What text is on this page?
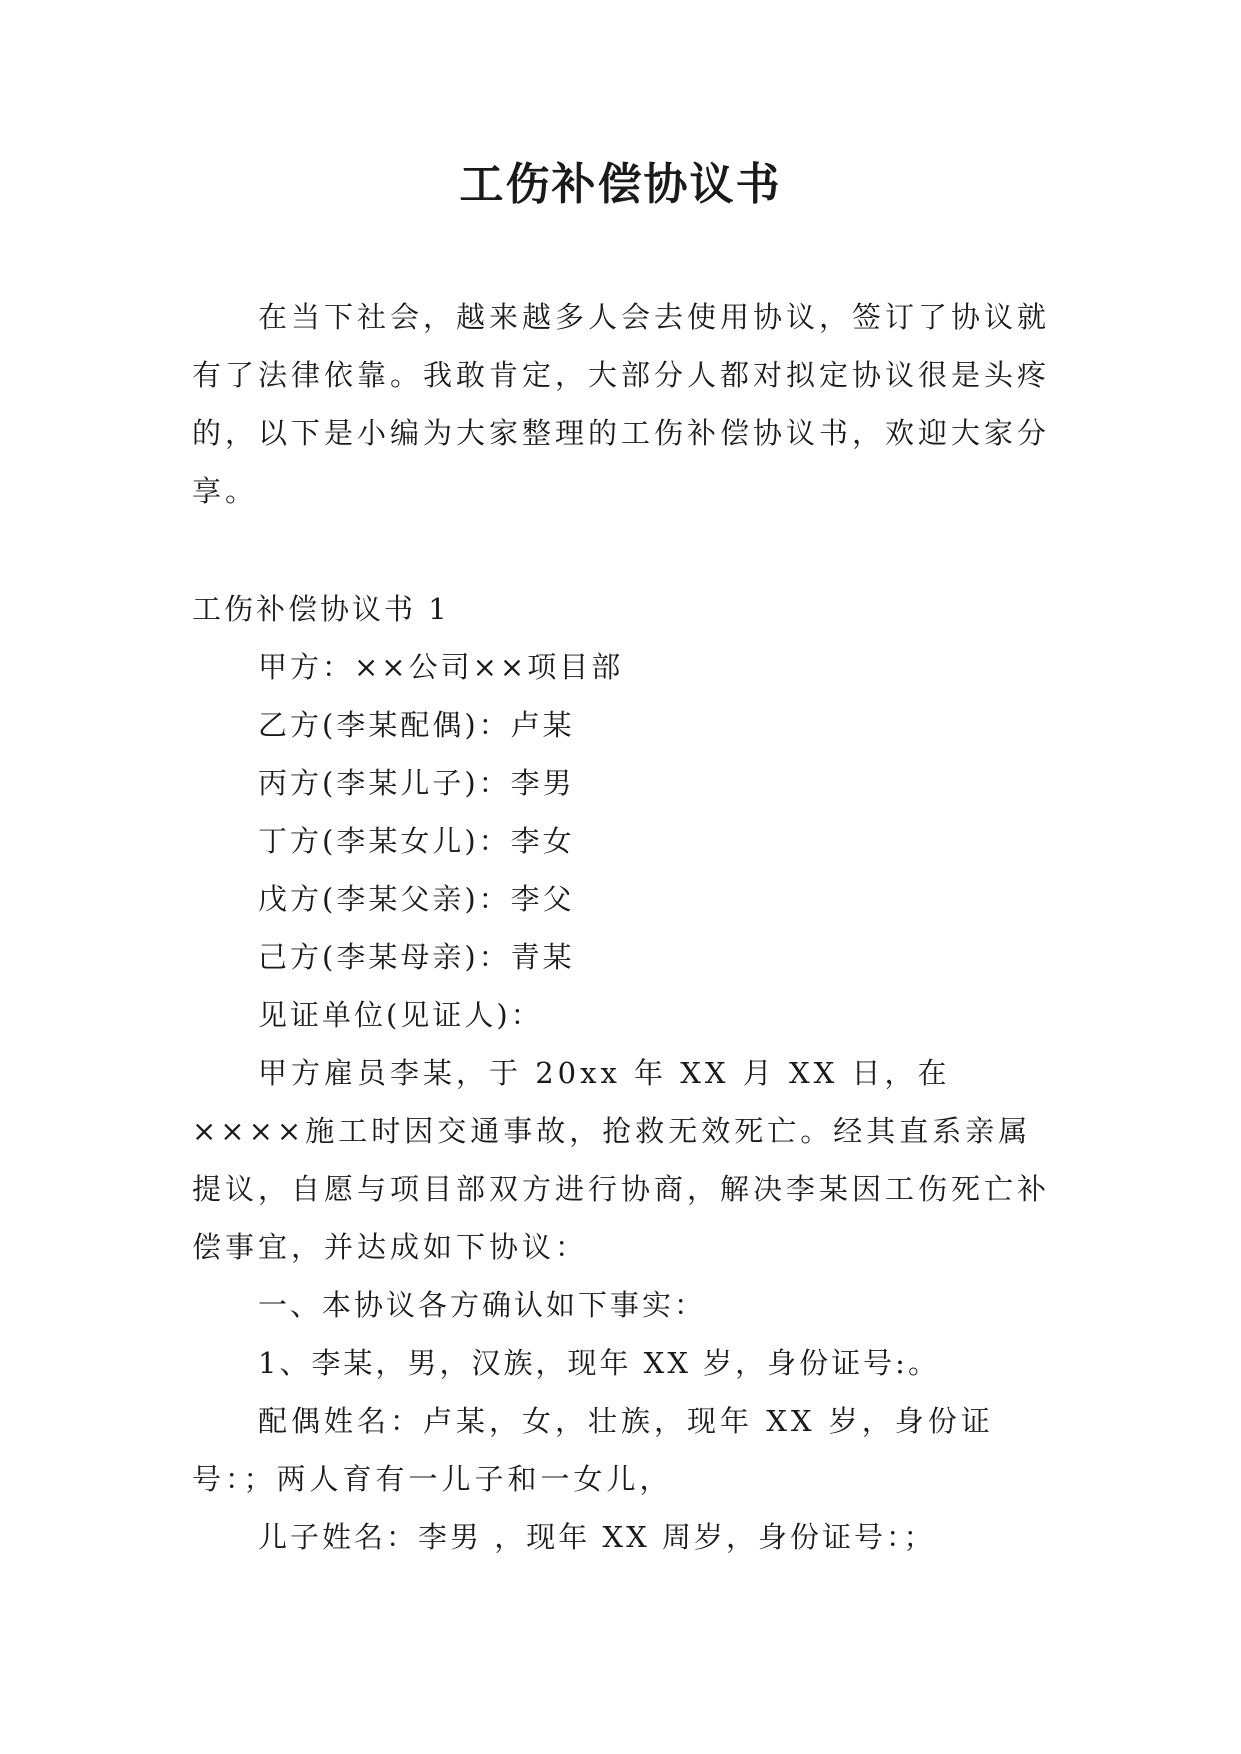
工伤补偿协议书

在当下社会，越来越多人会去使用协议，签订了协议就有了法律依靠。我敢肯定，大部分人都对拟定协议很是头疼的，以下是小编为大家整理的工伤补偿协议书，欢迎大家分享。

工伤补偿协议书 1

甲方：××公司××项目部

乙方(李某配偶)：卢某

丙方(李某儿子)：李男

丁方(李某女儿)：李女

戊方(李某父亲)：李父

己方(李某母亲)：青某

见证单位(见证人)：

甲方雇员李某，于 20xx 年 XX 月 XX 日，在××××施工时因交通事故，抢救无效死亡。经其直系亲属提议，自愿与项目部双方进行协商，解决李某因工伤死亡补偿事宜，并达成如下协议：

一、本协议各方确认如下事实：

1、李某，男，汉族，现年 XX 岁，身份证号:。

配偶姓名：卢某，女，壮族，现年 XX 岁，身份证号：；两人育有一儿子和一女儿，

儿子姓名：李男 ，现年 XX 周岁，身份证号：；
